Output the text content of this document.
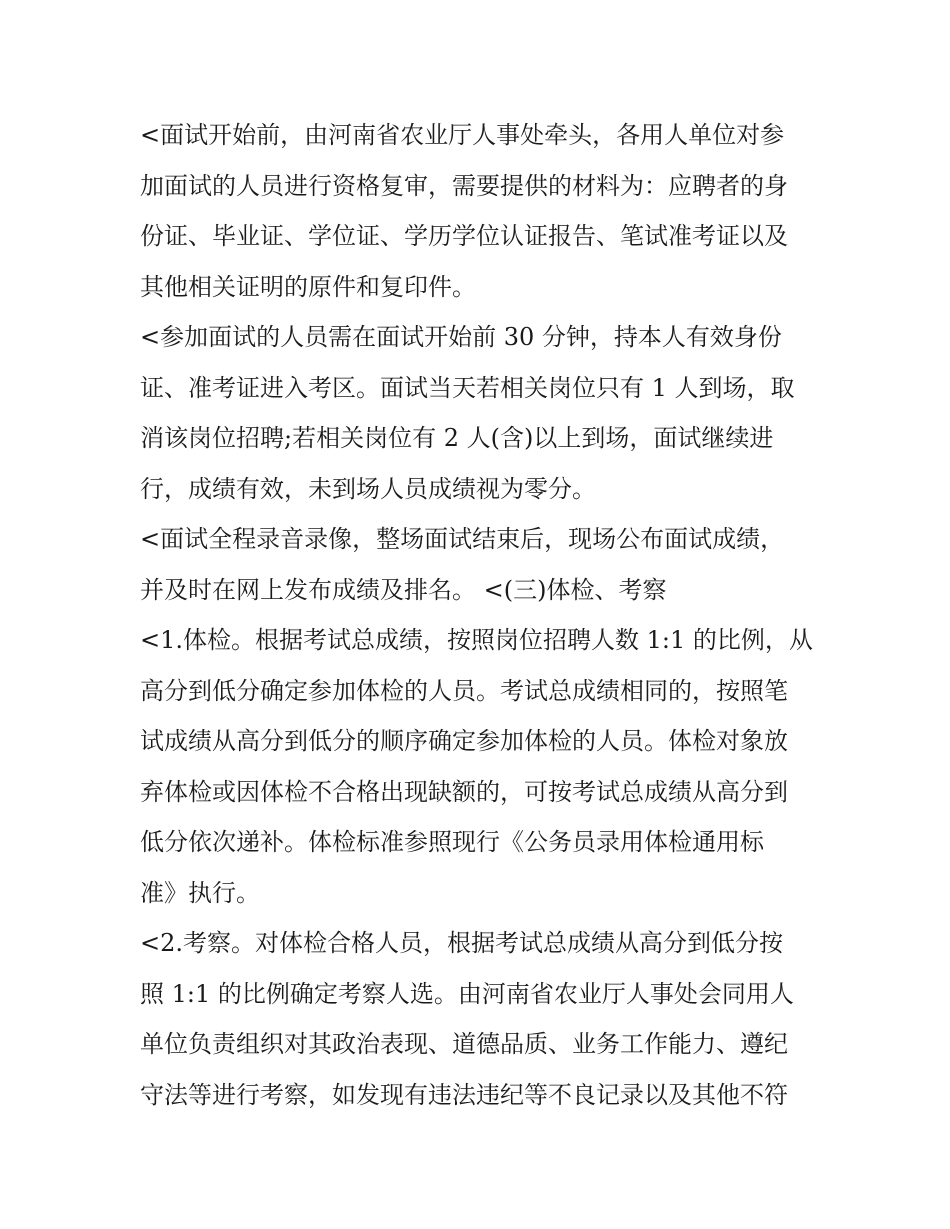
<面试开始前，由河南省农业厅人事处牵头，各用人单位对参
加面试的人员进行资格复审，需要提供的材料为：应聘者的身
份证、毕业证、学位证、学历学位认证报告、笔试准考证以及
其他相关证明的原件和复印件。
<参加面试的人员需在面试开始前 30 分钟，持本人有效身份
证、准考证进入考区。面试当天若相关岗位只有 1 人到场，取
消该岗位招聘;若相关岗位有 2 人(含)以上到场，面试继续进
行，成绩有效，未到场人员成绩视为零分。
<面试全程录音录像，整场面试结束后，现场公布面试成绩，
并及时在网上发布成绩及排名。 <(三)体检、考察
<1.体检。根据考试总成绩，按照岗位招聘人数 1:1 的比例，从
高分到低分确定参加体检的人员。考试总成绩相同的，按照笔
试成绩从高分到低分的顺序确定参加体检的人员。体检对象放
弃体检或因体检不合格出现缺额的，可按考试总成绩从高分到
低分依次递补。体检标准参照现行《公务员录用体检通用标
准》执行。
<2.考察。对体检合格人员，根据考试总成绩从高分到低分按
照 1:1 的比例确定考察人选。由河南省农业厅人事处会同用人
单位负责组织对其政治表现、道德品质、业务工作能力、遵纪
守法等进行考察，如发现有违法违纪等不良记录以及其他不符
